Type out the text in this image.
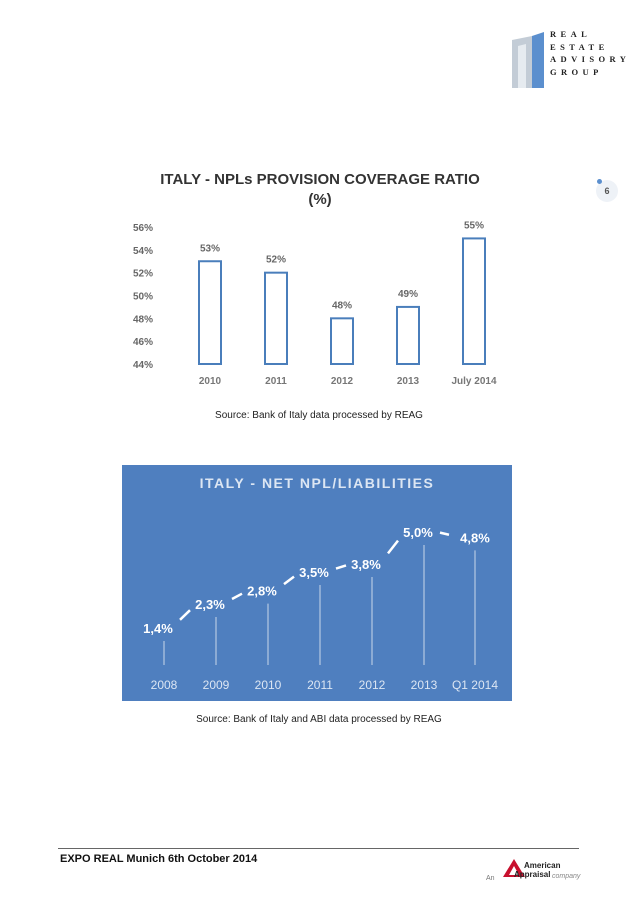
REAL
ESTATE
ADVISORY
GROUP
6
ITALY - NPLs PROVISION COVERAGE RATIO
(%)
44%
46%
48%
50%
52%
54%
56%
53%
2010
52%
2011
48%
2012
49%
2013
55%
July 2014
Source: Bank of Italy data processed by REAG
ITALY - NET NPL/LIABILITIES
1,4%
2008
2,3%
2009
2,8%
2010
3,5%
2011
3,8%
2012
5,0%
2013
4,8%
Q1 2014
Source: Bank of Italy and ABI data processed by REAG
EXPO REAL Munich 6th October 2014
An
American
Appraisal company
